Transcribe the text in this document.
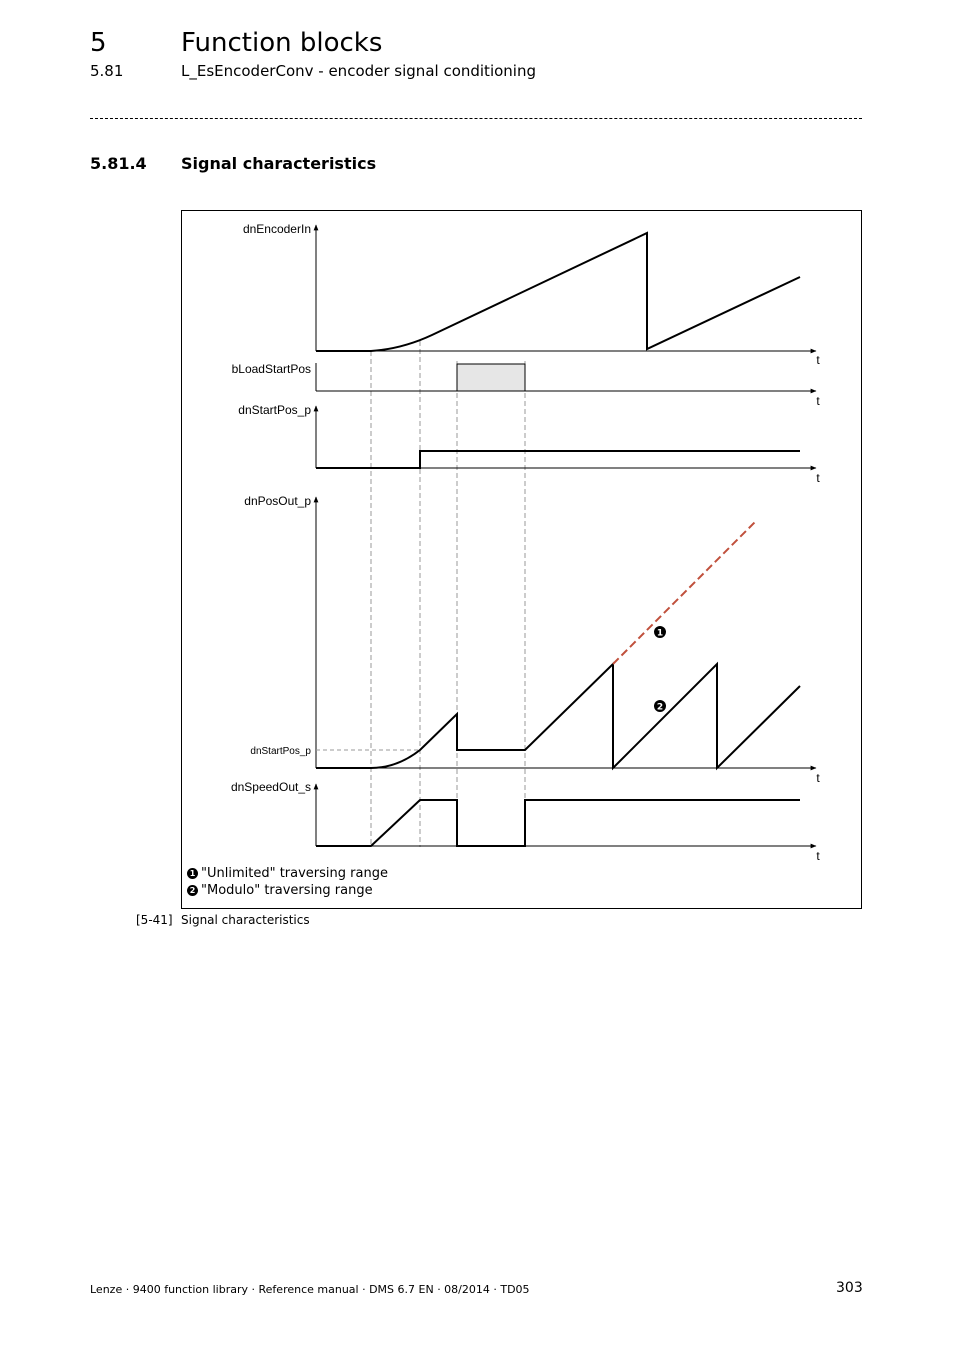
5	Function blocks
5.81	L_EsEncoderConv - encoder signal conditioning
5.81.4 Signal characteristics
1
2
dnEncoderIn
bLoadStartPos
dnStartPos_p
dnPosOut_p
dnStartPos_p
dnSpeedOut_s
t
t
t
t
t
1 "Unlimited" traversing range
2 "Modulo" traversing range
[5-41] Signal characteristics
Lenze · 9400 function library · Reference manual · DMS 6.7 EN · 08/2014 · TD05	303
